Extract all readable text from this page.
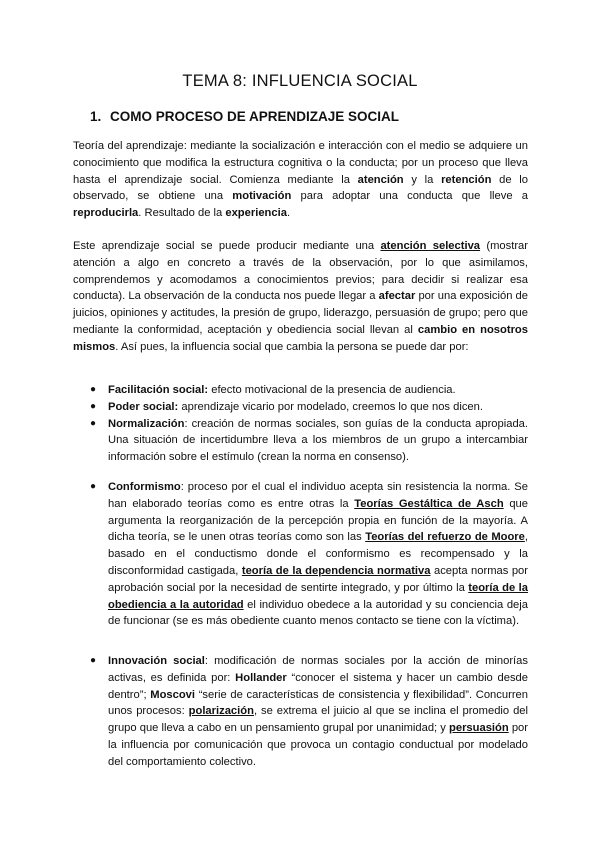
TEMA 8: INFLUENCIA SOCIAL
1. COMO PROCESO DE APRENDIZAJE SOCIAL

Teoría del aprendizaje: mediante la socialización e interacción con el medio se adquiere un conocimiento que modifica la estructura cognitiva o la conducta; por un proceso que lleva hasta el aprendizaje social. Comienza mediante la atención y la retención de lo observado, se obtiene una motivación para adoptar una conducta que lleve a reproducirla. Resultado de la experiencia.

Este aprendizaje social se puede producir mediante una atención selectiva (mostrar atención a algo en concreto a través de la observación, por lo que asimilamos, comprendemos y acomodamos a conocimientos previos; para decidir si realizar esa conducta). La observación de la conducta nos puede llegar a afectar por una exposición de juicios, opiniones y actitudes, la presión de grupo, liderazgo, persuasión de grupo; pero que mediante la conformidad, aceptación y obediencia social llevan al cambio en nosotros mismos. Así pues, la influencia social que cambia la persona se puede dar por:

● Facilitación social: efecto motivacional de la presencia de audiencia.
● Poder social: aprendizaje vicario por modelado, creemos lo que nos dicen.
● Normalización: creación de normas sociales, son guías de la conducta apropiada. Una situación de incertidumbre lleva a los miembros de un grupo a intercambiar información sobre el estímulo (crean la norma en consenso).
● Conformismo: proceso por el cual el individuo acepta sin resistencia la norma. Se han elaborado teorías como es entre otras la Teorías Gestáltica de Asch que argumenta la reorganización de la percepción propia en función de la mayoría. A dicha teoría, se le unen otras teorías como son las Teorías del refuerzo de Moore, basado en el conductismo donde el conformismo es recompensado y la disconformidad castigada, teoría de la dependencia normativa acepta normas por aprobación social por la necesidad de sentirte integrado, y por último la teoría de la obediencia a la autoridad el individuo obedece a la autoridad y su conciencia deja de funcionar (se es más obediente cuanto menos contacto se tiene con la víctima).
● Innovación social: modificación de normas sociales por la acción de minorías activas, es definida por: Hollander “conocer el sistema y hacer un cambio desde dentro”; Moscovi “serie de características de consistencia y flexibilidad”. Concurren unos procesos: polarización, se extrema el juicio al que se inclina el promedio del grupo que lleva a cabo en un pensamiento grupal por unanimidad; y persuasión por la influencia por comunicación que provoca un contagio conductual por modelado del comportamiento colectivo.
